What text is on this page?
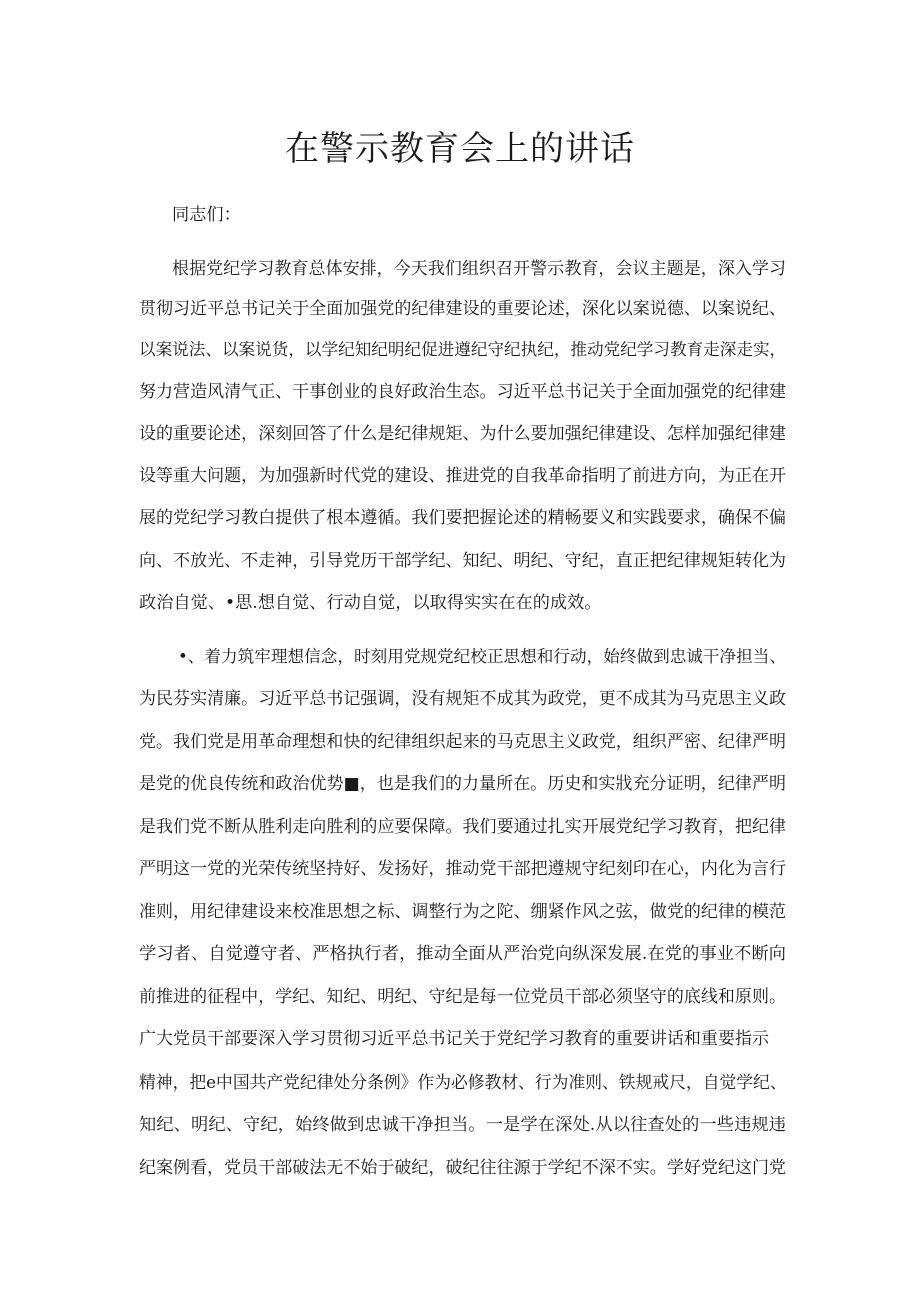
在警示教育会上的讲话

同志们：

根据党纪学习教育总体安排，今天我们组织召开警示教育，会议主题是，深入学习

贯彻习近平总书记关于全面加强党的纪律建设的重要论述，深化以案说德、以案说纪、

以案说法、以案说货，以学纪知纪明纪促进遵纪守纪执纪，推动党纪学习教育走深走实，

努力营造风清气正、干事创业的良好政治生态。习近平总书记关于全面加强党的纪律建

设的重要论述，深刻回答了什么是纪律规矩、为什么要加强纪律建设、怎样加强纪律建

设等重大问题，为加强新时代党的建设、推进党的自我革命指明了前进方向，为正在开

展的党纪学习教白提供了根本遵循。我们要把握论述的精畅要义和实践要求，确保不偏

向、不放光、不走神，引导党历干部学纪、知纪、明纪、守纪，直正把纪律规矩转化为

政治自觉、•思.想自觉、行动自觉，以取得实实在在的成效。

•、着力筑牢理想信念，时刻用党规党纪校正思想和行动，始终做到忠诚干净担当、

为民芬实清廉。习近平总书记强调，没有规矩不成其为政党，更不成其为马克思主义政

党。我们党是用革命理想和快的纪律组织起来的马克思主义政党，组织严密、纪律严明

是党的优良传统和政治优势■，也是我们的力量所在。历史和实戕充分证明，纪律严明

是我们党不断从胜利走向胜利的应要保障。我们要通过扎实开展党纪学习教育，把纪律

严明这一党的光荣传统坚持好、发扬好，推动党干部把遵规守纪刻印在心，内化为言行

准则，用纪律建设来校准思想之标、调整行为之陀、绷紧作风之弦，做党的纪律的模范

学习者、自觉遵守者、严格执行者，推动全面从严治党向纵深发展.在党的事业不断向

前推进的征程中，学纪、知纪、明纪、守纪是每一位党员干部必须坚守的底线和原则。

广大党员干部要深入学习贯彻习近平总书记关于党纪学习教育的重要讲话和重要指示

精神，把e中国共产党纪律处分条例》作为必修教材、行为准则、铁规戒尺，自觉学纪、

知纪、明纪、守纪，始终做到忠诚干净担当。一是学在深处.从以往查处的一些违规违

纪案例看，党员干部破法无不始于破纪，破纪往往源于学纪不深不实。学好党纪这门党
